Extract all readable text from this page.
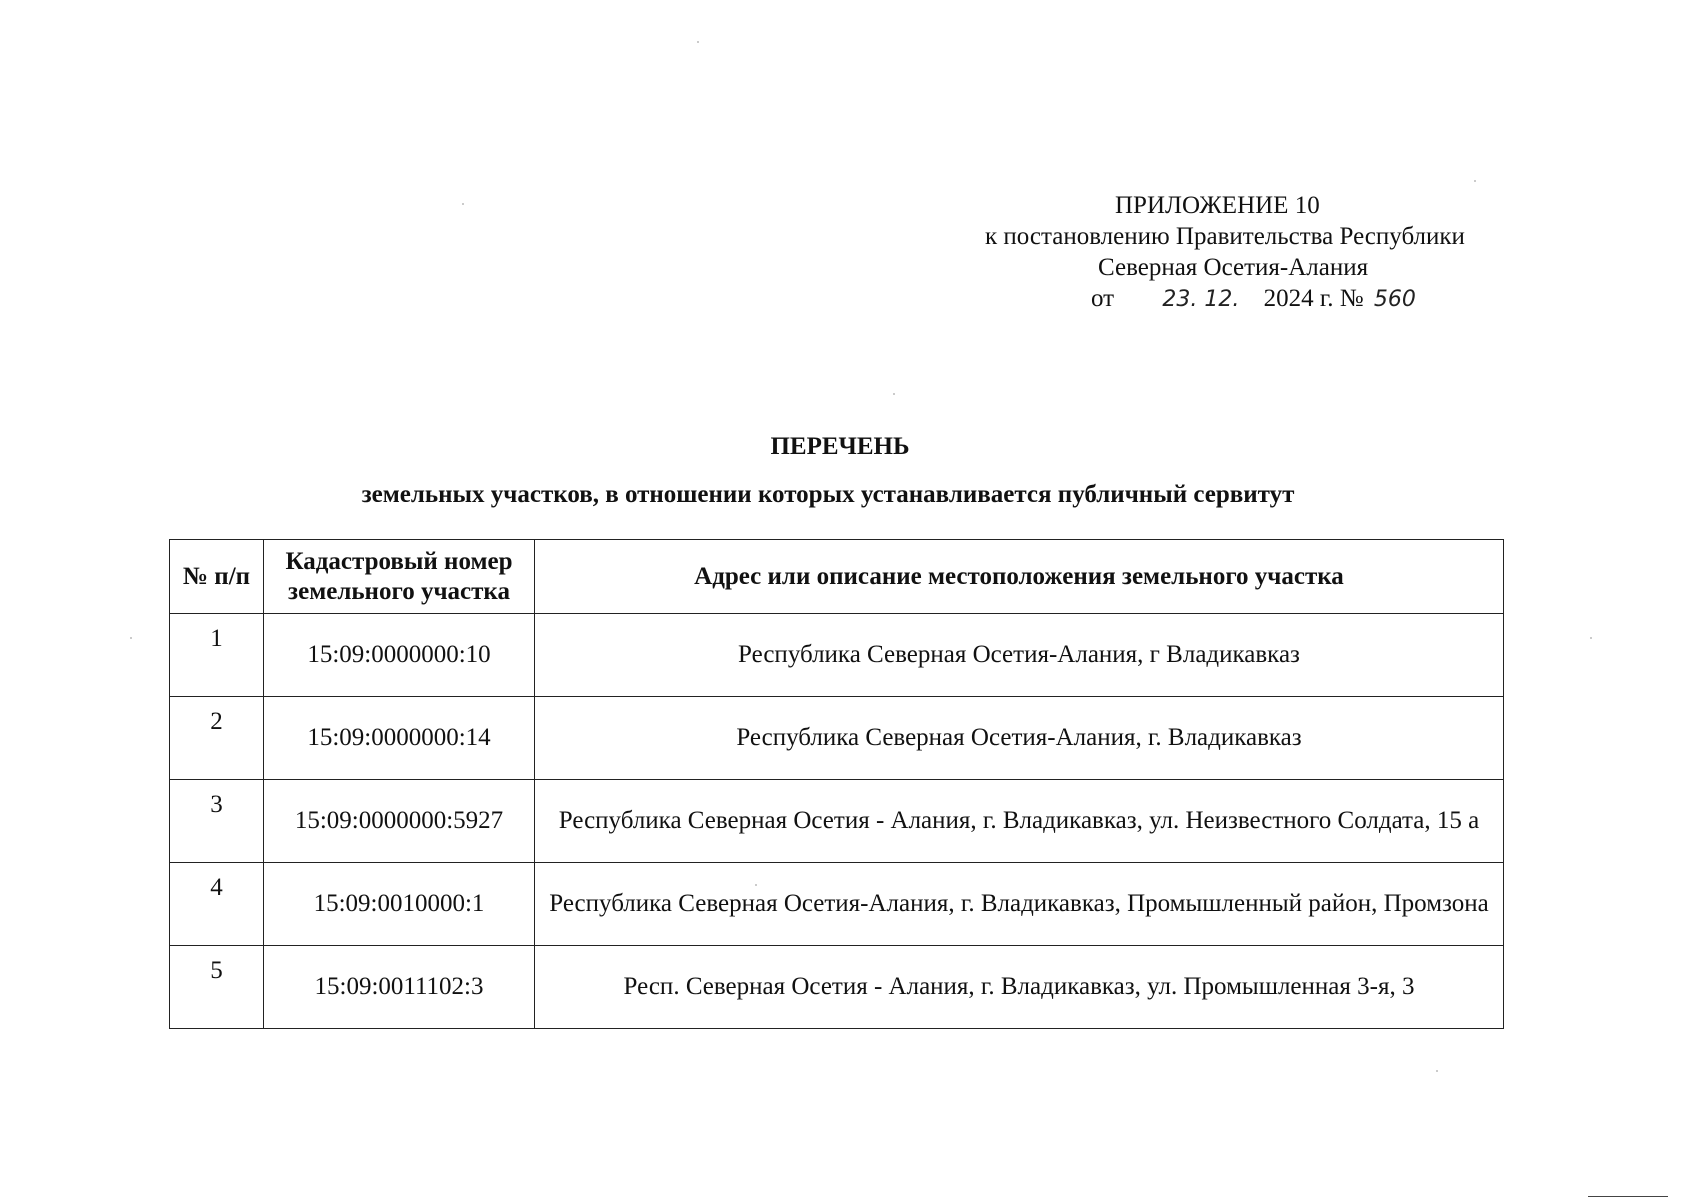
ПРИЛОЖЕНИЕ 10
к постановлению Правительства Республики
Северная Осетия-Алания
от 23. 12. 2024 г. № 560
ПЕРЕЧЕНЬ
земельных участков, в отношении которых устанавливается публичный сервитут
№ п/п	Кадастровый номер земельного участка	Адрес или описание местоположения земельного участка
1	15:09:0000000:10	Республика Северная Осетия-Алания, г Владикавказ
2	15:09:0000000:14	Республика Северная Осетия-Алания, г. Владикавказ
3	15:09:0000000:5927	Республика Северная Осетия - Алания, г. Владикавказ, ул. Неизвестного Солдата, 15 а
4	15:09:0010000:1	Республика Северная Осетия-Алания, г. Владикавказ, Промышленный район, Промзона
5	15:09:0011102:3	Респ. Северная Осетия - Алания, г. Владикавказ, ул. Промышленная 3-я, 3
